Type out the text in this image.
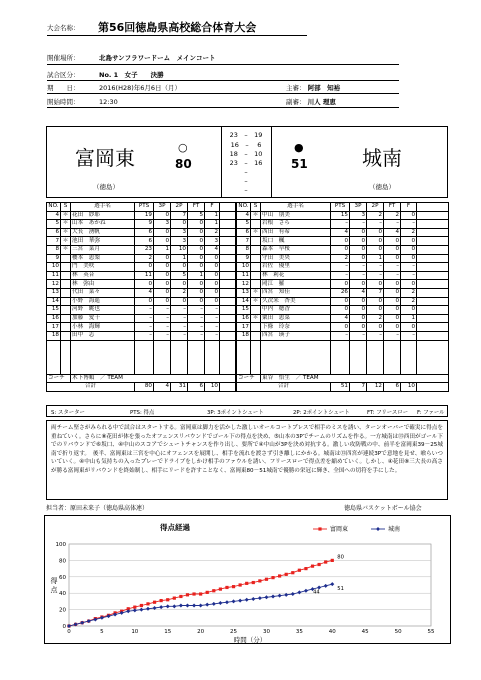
大会名称： 第56回徳島県高校総合体育大会
開催場所：	北島サンフラワードーム　メインコート
試合区分：	No. 1　女子　　決勝
期　　日：	2016(H28)年6月6日（月）	主審： 阿部　知裕
開始時間：	12:30	副審： 川人 理恵
富岡東
（徳島）
○
80
23　–　19
16　–　 6
18　–　10
23　–　16
–
–
–
●
51	城南
（徳島）
NO.	S	選手名	PTS	3P	2P	FT	F	
4	＊	花田　紗耶	19	0	7	5	1	
5	＊	山本　あかね	9	3	0	0	1	
6	＊	大長　湧帆	6	0	3	0	2	
7	＊	池田　華弥	6	0	3	0	3	
8	＊	三宮　菜月	23	1	10	0	4	
9		櫻本　恵梨	2	0	1	0	0	
10		門　美咲	0	0	0	0	0	
11		林　英音	11	0	5	1	0	
12		林　弥由	0	0	0	0	0	
13		代田　菜々	4	0	2	0	0	
14		小野　海遥	0	0	0	0	0	
15		河野　眺也	–	–	–	–	–	
16		加藤　愛千	–	–	–	–	–	
17		小林　海輝	–	–	–	–	–	
18		田中　志	–	–	–	–	–	

コーチ		木下博順　／ TEAM						
合計			80	4	31	6	10	
NO.	S	選手名	PTS	3P	2P	FT	F	
4	＊	中山　朋美	15	3	2	2	0	
5		岩根　さら	–	–	–	–	–	
6	＊	西田　有希	4	0	0	4	2	
7		坂口　楓	0	0	0	0	0	
8		森本　早桜	0	0	0	0	0	
9		守田　美央	2	0	1	0	0	
10		岩佐　優里	–	–	–	–	–	
11		林　莉花	–	–	–	–	–	
12		岡江　羅	0	0	0	0	0	
13	＊	四宮　知佳	26	4	7	0	2	
14	＊	久次米　杏美	0	0	0	0	2	
15		中内　穂香	0	0	0	0	0	
16	＊	粟田　恵菜	4	0	2	0	1	
17		下條　玲奈	0	0	0	0	0	
18		四宮　瑛子	–	–	–	–	–	

コーチ		東谷　悟生　／ TEAM						
合計			51	7	12	6	10	
S: スターター	PTS: 得点	3P: 3ポイントシュート	2P: 2ポイントシュート	FT: フリースロー F: ファール
両チーム堅さがみられる中で試合はスタートする。富岡東は脚力を活かした激しいオールコートプレスで相手のミスを誘い、ターンオーバーで確実に得点を重ねていく。さらに⑧花田が体を張ったオフェンスリバウンドでゴール下の得点を決め、⑤山本の3Pでチームのリズムを作る。一方城南は⑬西田がゴール下でのリバウンドで⑥坂口、④中山のスコアでシュートチャンスを作り出し、要所で④中山が3Pを決め対抗する。激しい攻防戦の中、前半を富岡東39－25城南で折り返す。　後半、富岡東は三宮を中心にオフェンスを展開し、相手を流れを渡さず引き離しにかかる。城南は⑬四宮が連続3Pで意地を見せ、喰らいついていく。④中山も気持ちの入ったプレーでドライブをしかけ相手のファウルを誘い、フリースローで得点差を縮めていく。しかし、④花田⑧三大長の高さが勝る富岡東がリバウンドを終始制し、相手にリードを許すことなく、富岡東80－51城南で優勝の栄冠に輝き、全国への切符を手にした。
担当者：原田未来子（徳島県高体連）	徳島県バスケットボール協会
0
20
40
60
80
100
0	5	10	15	20	25	30	35	40	45	50	55
得点経過
時間（分）
得
点
80
富岡東
44
51
城南
